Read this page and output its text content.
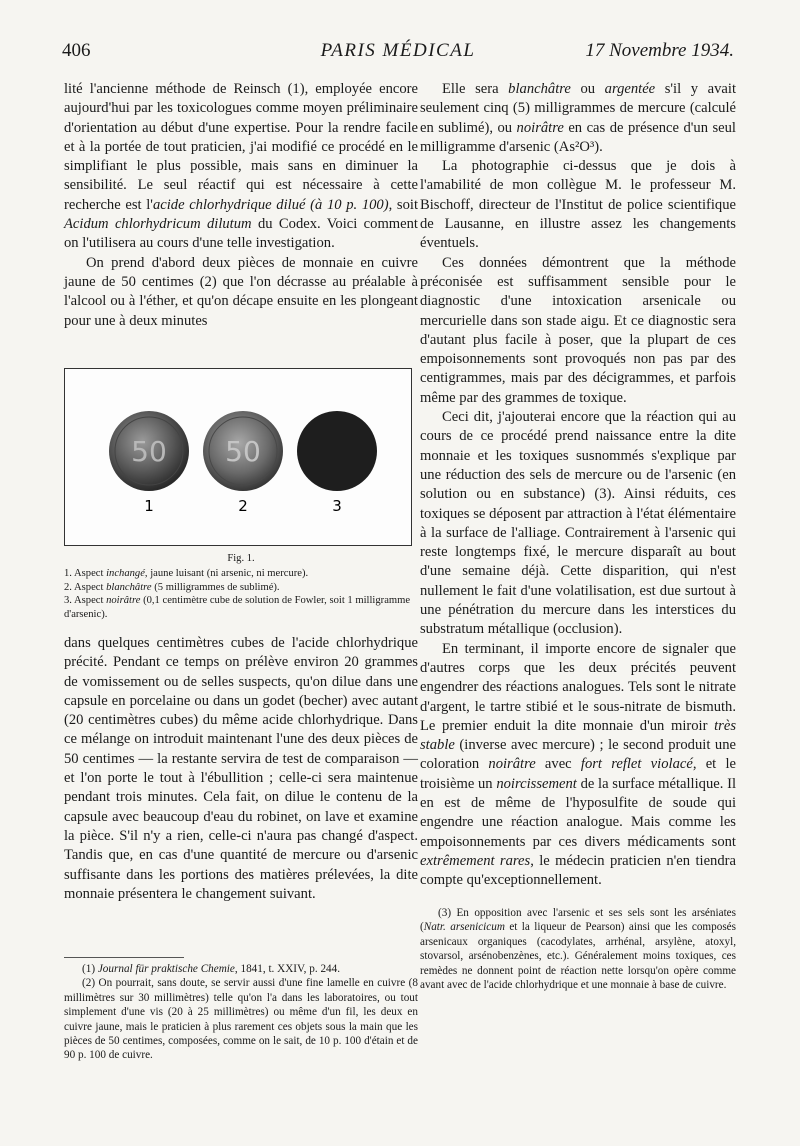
406	PARIS MÉDICAL	17 Novembre 1934.

lité l'ancienne méthode de Reinsch (1), employée encore aujourd'hui par les toxicologues comme moyen préliminaire d'orientation au début d'une expertise. Pour la rendre facile et à la portée de tout praticien, j'ai modifié ce procédé en le simplifiant le plus possible, mais sans en diminuer la sensibilité. Le seul réactif qui est nécessaire à cette recherche est l'acide chlorhydrique dilué (à 10 p. 100), soit Acidum chlorhydricum dilutum du Codex. Voici comment on l'utilisera au cours d'une telle investigation.

On prend d'abord deux pièces de monnaie en cuivre jaune de 50 centimes (2) que l'on décrasse au préalable à l'alcool ou à l'éther, et qu'on décape ensuite en les plongeant pour une à deux minutes

50 50
1	2	3
Fig. 1.

1. Aspect inchangé, jaune luisant (ni arsenic, ni mercure).

2. Aspect blanchâtre (5 milligrammes de sublimé).

3. Aspect noirâtre (0,1 centimètre cube de solution de Fowler, soit 1 milligramme d'arsenic).

dans quelques centimètres cubes de l'acide chlorhydrique précité. Pendant ce temps on prélève environ 20 grammes de vomissement ou de selles suspects, qu'on dilue dans une capsule en porcelaine ou dans un godet (becher) avec autant (20 centimètres cubes) du même acide chlorhydrique. Dans ce mélange on introduit maintenant l'une des deux pièces de 50 centimes — la restante servira de test de comparaison — et l'on porte le tout à l'ébullition ; celle-ci sera maintenue pendant trois minutes. Cela fait, on dilue le contenu de la capsule avec beaucoup d'eau du robinet, on lave et examine la pièce. S'il n'y a rien, celle-ci n'aura pas changé d'aspect. Tandis que, en cas d'une quantité de mercure ou d'arsenic suffisante dans les portions des matières prélevées, la dite monnaie présentera le changement suivant.

(1) Journal für praktische Chemie, 1841, t. XXIV, p. 244.

(2) On pourrait, sans doute, se servir aussi d'une fine lamelle en cuivre (8 millimètres sur 30 millimètres) telle qu'on l'a dans les laboratoires, ou tout simplement d'une vis (20 à 25 millimètres) ou même d'un fil, les deux en cuivre jaune, mais le praticien à plus rarement ces objets sous la main que les pièces de 50 centimes, composées, comme on le sait, de 10 p. 100 d'étain et de 90 p. 100 de cuivre.

Elle sera blanchâtre ou argentée s'il y avait seulement cinq (5) milligrammes de mercure (calculé en sublimé), ou noirâtre en cas de présence d'un seul milligramme d'arsenic (As²O³).

La photographie ci-dessus que je dois à l'amabilité de mon collègue M. le professeur M. Bischoff, directeur de l'Institut de police scientifique de Lausanne, en illustre assez les changements éventuels.

Ces données démontrent que la méthode préconisée est suffisamment sensible pour le diagnostic d'une intoxication arsenicale ou mercurielle dans son stade aigu. Et ce diagnostic sera d'autant plus facile à poser, que la plupart de ces empoisonnements sont provoqués non pas par des centigrammes, mais par des décigrammes, et parfois même par des grammes de toxique.

Ceci dit, j'ajouterai encore que la réaction qui au cours de ce procédé prend naissance entre la dite monnaie et les toxiques susnommés s'explique par une réduction des sels de mercure ou de l'arsenic (en solution ou en substance) (3). Ainsi réduits, ces toxiques se déposent par attraction à l'état élémentaire à la surface de l'alliage. Contrairement à l'arsenic qui reste longtemps fixé, le mercure disparaît au bout d'une semaine déjà. Cette disparition, qui n'est nullement le fait d'une volatilisation, est due surtout à une pénétration du mercure dans les interstices du substratum métallique (occlusion).

En terminant, il importe encore de signaler que d'autres corps que les deux précités peuvent engendrer des réactions analogues. Tels sont le nitrate d'argent, le tartre stibié et le sous-nitrate de bismuth. Le premier enduit la dite monnaie d'un miroir très stable (inverse avec mercure) ; le second produit une coloration noirâtre avec fort reflet violacé, et le troisième un noircissement de la surface métallique. Il en est de même de l'hyposulfite de soude qui engendre une réaction analogue. Mais comme les empoisonnements par ces divers médicaments sont extrêmement rares, le médecin praticien n'en tiendra compte qu'exceptionnellement.

(3) En opposition avec l'arsenic et ses sels sont les arséniates (Natr. arsenicicum et la liqueur de Pearson) ainsi que les composés arsenicaux organiques (cacodylates, arrhénal, arsylène, atoxyl, stovarsol, arsénobenzènes, etc.). Généralement moins toxiques, ces remèdes ne donnent point de réaction nette lorsqu'on opère comme avant avec de l'acide chlorhydrique et une monnaie à base de cuivre.
